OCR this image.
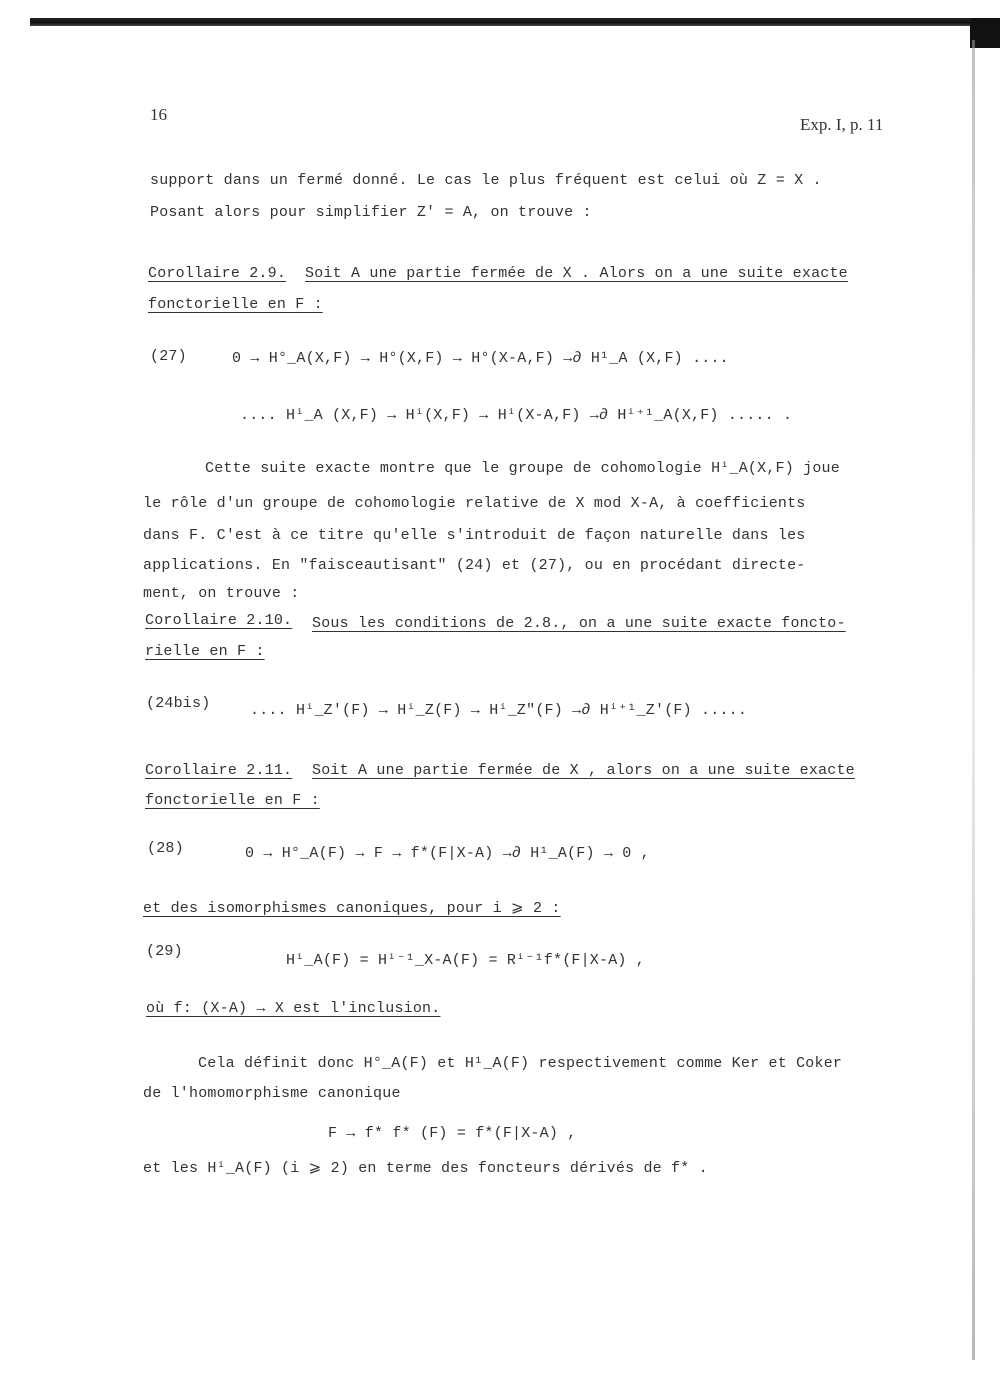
16
Exp. I, p. 11
support dans un fermé donné. Le cas le plus fréquent est celui où Z = X .
Posant alors pour simplifier Z' = A, on trouve :
Corollaire 2.9. Soit A une partie fermée de X . Alors on a une suite exacte
fonctorielle en F :
(27)	0 → H°_A(X,F) → H°(X,F) → H°(X-A,F) →∂ H¹_A (X,F) ....
.... Hⁱ_A (X,F) → Hⁱ(X,F) → Hⁱ(X-A,F) →∂ Hⁱ⁺¹_A(X,F) ..... .
Cette suite exacte montre que le groupe de cohomologie Hⁱ_A(X,F) joue
le rôle d'un groupe de cohomologie relative de X mod X-A, à coefficients
dans F. C'est à ce titre qu'elle s'introduit de façon naturelle dans les
applications. En "faisceautisant" (24) et (27), ou en procédant directe-
ment, on trouve :
Corollaire 2.10. Sous les conditions de 2.8., on a une suite exacte foncto-
rielle en F :
(24bis)	.... Hⁱ_Z'(F) → Hⁱ_Z(F) → Hⁱ_Z"(F) →∂ Hⁱ⁺¹_Z'(F) .....
Corollaire 2.11. Soit A une partie fermée de X , alors on a une suite exacte
fonctorielle en F :
(28)	0 → H°_A(F) → F → f*(F|X-A) →∂ H¹_A(F) → 0 ,
et des isomorphismes canoniques, pour i ⩾ 2 :
(29)
Hⁱ_A(F) = Hⁱ⁻¹_X-A(F) = Rⁱ⁻¹f*(F|X-A) ,
où f: (X-A) → X est l'inclusion.
Cela définit donc H°_A(F) et H¹_A(F) respectivement comme Ker et Coker
de l'homomorphisme canonique
F → f* f* (F) = f*(F|X-A) ,
et les Hⁱ_A(F) (i ⩾ 2) en terme des foncteurs dérivés de f* .
